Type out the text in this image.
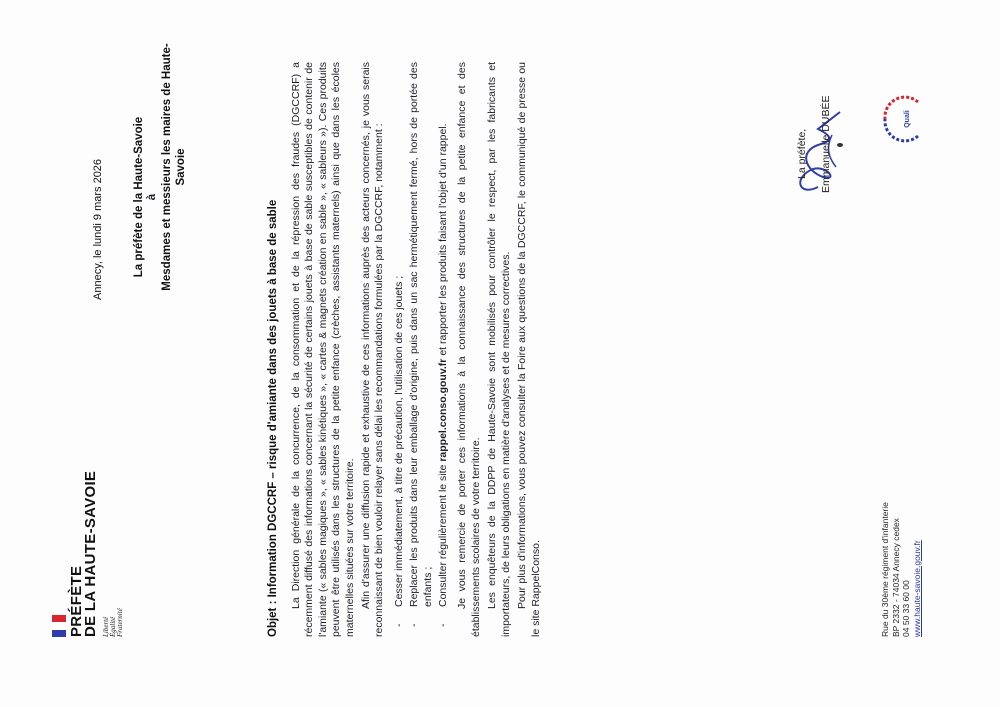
PRÉFÈTE
DE LA HAUTE-SAVOIE Liberté Égalité Fraternité
Annecy, le lundi 9 mars 2026	La préfète de la Haute-Savoie à Mesdames et messieurs les maires de Haute-Savoie
Objet : Information DGCCRF – risque d'amiante dans des jouets à base de sable La Direction générale de la concurrence, de la consommation et de la répression des fraudes (DGCCRF) a récemment diffusé des informations concernant la sécurité de certains jouets à base de sable susceptibles de contenir de l'amiante (« sables magiques », « sables kinétiques », « cartes & magnets création en sable », « sableurs »). Ces produits peuvent être utilisés dans les structures de la petite enfance (crèches, assistants maternels) ainsi que dans les écoles maternelles situées sur votre territoire. Afin d'assurer une diffusion rapide et exhaustive de ces informations auprès des acteurs concernés, je vous serais reconnaissant de bien vouloir relayer sans délai les recommandations formulées par la DGCCRF, notamment : - Cesser immédiatement, à titre de précaution, l'utilisation de ces jouets ; - Replacer les produits dans leur emballage d'origine, puis dans un sac hermétiquement fermé, hors de portée des enfants ; - Consulter régulièrement le site rappel.conso.gouv.fr et rapporter les produits faisant l'objet d'un rappel. Je vous remercie de porter ces informations à la connaissance des structures de la petite enfance et des établissements scolaires de votre territoire. Les enquêteurs de la DDPP de Haute-Savoie sont mobilisés pour contrôler le respect, par les fabricants et importateurs, de leurs obligations en matière d'analyses et de mesures correctives. Pour plus d'informations, vous pouvez consulter la Foire aux questions de la DGCCRF, le communiqué de presse ou le site RappelConso.

La préfète, Emmanuelle DUBÉE
Rue du 30ème régiment d'infanterie BP 2332 - 74034 Annecy cedex 04 50 33 60 00 www.haute-savoie.gouv.fr
Quali
